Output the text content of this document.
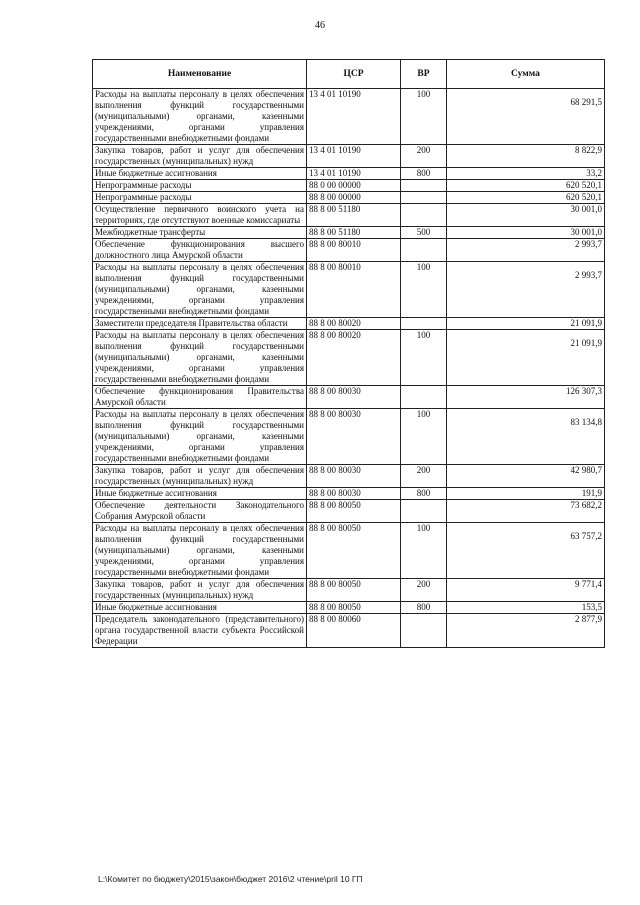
46
Наименование	ЦСР	ВР	Сумма
Расходы на выплаты персоналу в целях обеспечения выполнения функций государственными (муниципальными) органами, казенными учреждениями, органами управления государственными внебюджетными фондами	13 4 01 10190	100	68 291,5
Закупка товаров, работ и услуг для обеспечения государственных (муниципальных) нужд	13 4 01 10190	200	8 822,9
Иные бюджетные ассигнования	13 4 01 10190	800	33,2
Непрограммные расходы	88 0 00 00000		620 520,1
Непрограммные расходы	88 8 00 00000		620 520,1
Осуществление первичного воинского учета на территориях, где отсутствуют военные комиссариаты	88 8 00 51180		30 001,0
Межбюджетные трансферты	88 8 00 51180	500	30 001,0
Обеспечение функционирования высшего должностного лица Амурской области	88 8 00 80010		2 993,7
Расходы на выплаты персоналу в целях обеспечения выполнения функций государственными (муниципальными) органами, казенными учреждениями, органами управления государственными внебюджетными фондами	88 8 00 80010	100	2 993,7
Заместители председателя Правительства области	88 8 00 80020		21 091,9
Расходы на выплаты персоналу в целях обеспечения выполнения функций государственными (муниципальными) органами, казенными учреждениями, органами управления государственными внебюджетными фондами	88 8 00 80020	100	21 091,9
Обеспечение функционирования Правительства Амурской области	88 8 00 80030		126 307,3
Расходы на выплаты персоналу в целях обеспечения выполнения функций государственными (муниципальными) органами, казенными учреждениями, органами управления государственными внебюджетными фондами	88 8 00 80030	100	83 134,8
Закупка товаров, работ и услуг для обеспечения государственных (муниципальных) нужд	88 8 00 80030	200	42 980,7
Иные бюджетные ассигнования	88 8 00 80030	800	191,9
Обеспечение деятельности Законодательного Собрания Амурской области	88 8 00 80050		73 682,2
Расходы на выплаты персоналу в целях обеспечения выполнения функций государственными (муниципальными) органами, казенными учреждениями, органами управления государственными внебюджетными фондами	88 8 00 80050	100	63 757,2
Закупка товаров, работ и услуг для обеспечения государственных (муниципальных) нужд	88 8 00 80050	200	9 771,4
Иные бюджетные ассигнования	88 8 00 80050	800	153,5
Председатель законодательного (представительного) органа государственной власти субъекта Российской Федерации	88 8 00 80060		2 877,9
L:\Комитет по бюджету\2015\закон\бюджет 2016\2 чтение\pril 10 ГП
